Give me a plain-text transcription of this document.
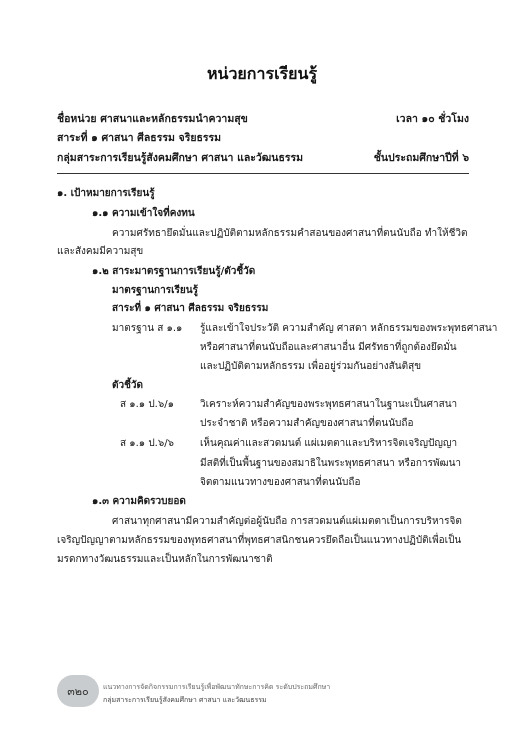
หน่วยการเรียนรู้
ชื่อหน่วย ศาสนาและหลักธรรมนำความสุข	เวลา ๑๐ ชั่วโมง
สาระที่ ๑ ศาสนา ศีลธรรม จริยธรรม
กลุ่มสาระการเรียนรู้สังคมศึกษา ศาสนา และวัฒนธรรม	ชั้นประถมศึกษาปีที่ ๖
๑. เป้าหมายการเรียนรู้
๑.๑ ความเข้าใจที่คงทน
ความศรัทธายึดมั่นและปฏิบัติตามหลักธรรมคำสอนของศาสนาที่ตนนับถือ ทำให้ชีวิต
และสังคมมีความสุข
๑.๒ สาระมาตรฐานการเรียนรู้/ตัวชี้วัด
มาตรฐานการเรียนรู้
สาระที่ ๑ ศาสนา ศีลธรรม จริยธรรม
มาตรฐาน ส ๑.๑ รู้และเข้าใจประวัติ ความสำคัญ ศาสดา หลักธรรมของพระพุทธศาสนา
หรือศาสนาที่ตนนับถือและศาสนาอื่น มีศรัทธาที่ถูกต้องยึดมั่น
และปฏิบัติตามหลักธรรม เพื่ออยู่ร่วมกันอย่างสันติสุข
ตัวชี้วัด
ส ๑.๑ ป.๖/๑	วิเคราะห์ความสำคัญของพระพุทธศาสนาในฐานะเป็นศาสนา
ประจำชาติ หรือความสำคัญของศาสนาที่ตนนับถือ
ส ๑.๑ ป.๖/๖	เห็นคุณค่าและสวดมนต์ แผ่เมตตาและบริหารจิตเจริญปัญญา
มีสติที่เป็นพื้นฐานของสมาธิในพระพุทธศาสนา หรือการพัฒนา
จิตตามแนวทางของศาสนาที่ตนนับถือ
๑.๓ ความคิดรวบยอด
ศาสนาทุกศาสนามีความสำคัญต่อผู้นับถือ การสวดมนต์แผ่เมตตาเป็นการบริหารจิต
เจริญปัญญาตามหลักธรรมของพุทธศาสนาที่พุทธศาสนิกชนควรยึดถือเป็นแนวทางปฏิบัติเพื่อเป็น
มรดกทางวัฒนธรรมและเป็นหลักในการพัฒนาชาติ
๓๒๐ แนวทางการจัดกิจกรรมการเรียนรู้เพื่อพัฒนาทักษะการคิด ระดับประถมศึกษา
กลุ่มสาระการเรียนรู้สังคมศึกษา ศาสนา และวัฒนธรรม
